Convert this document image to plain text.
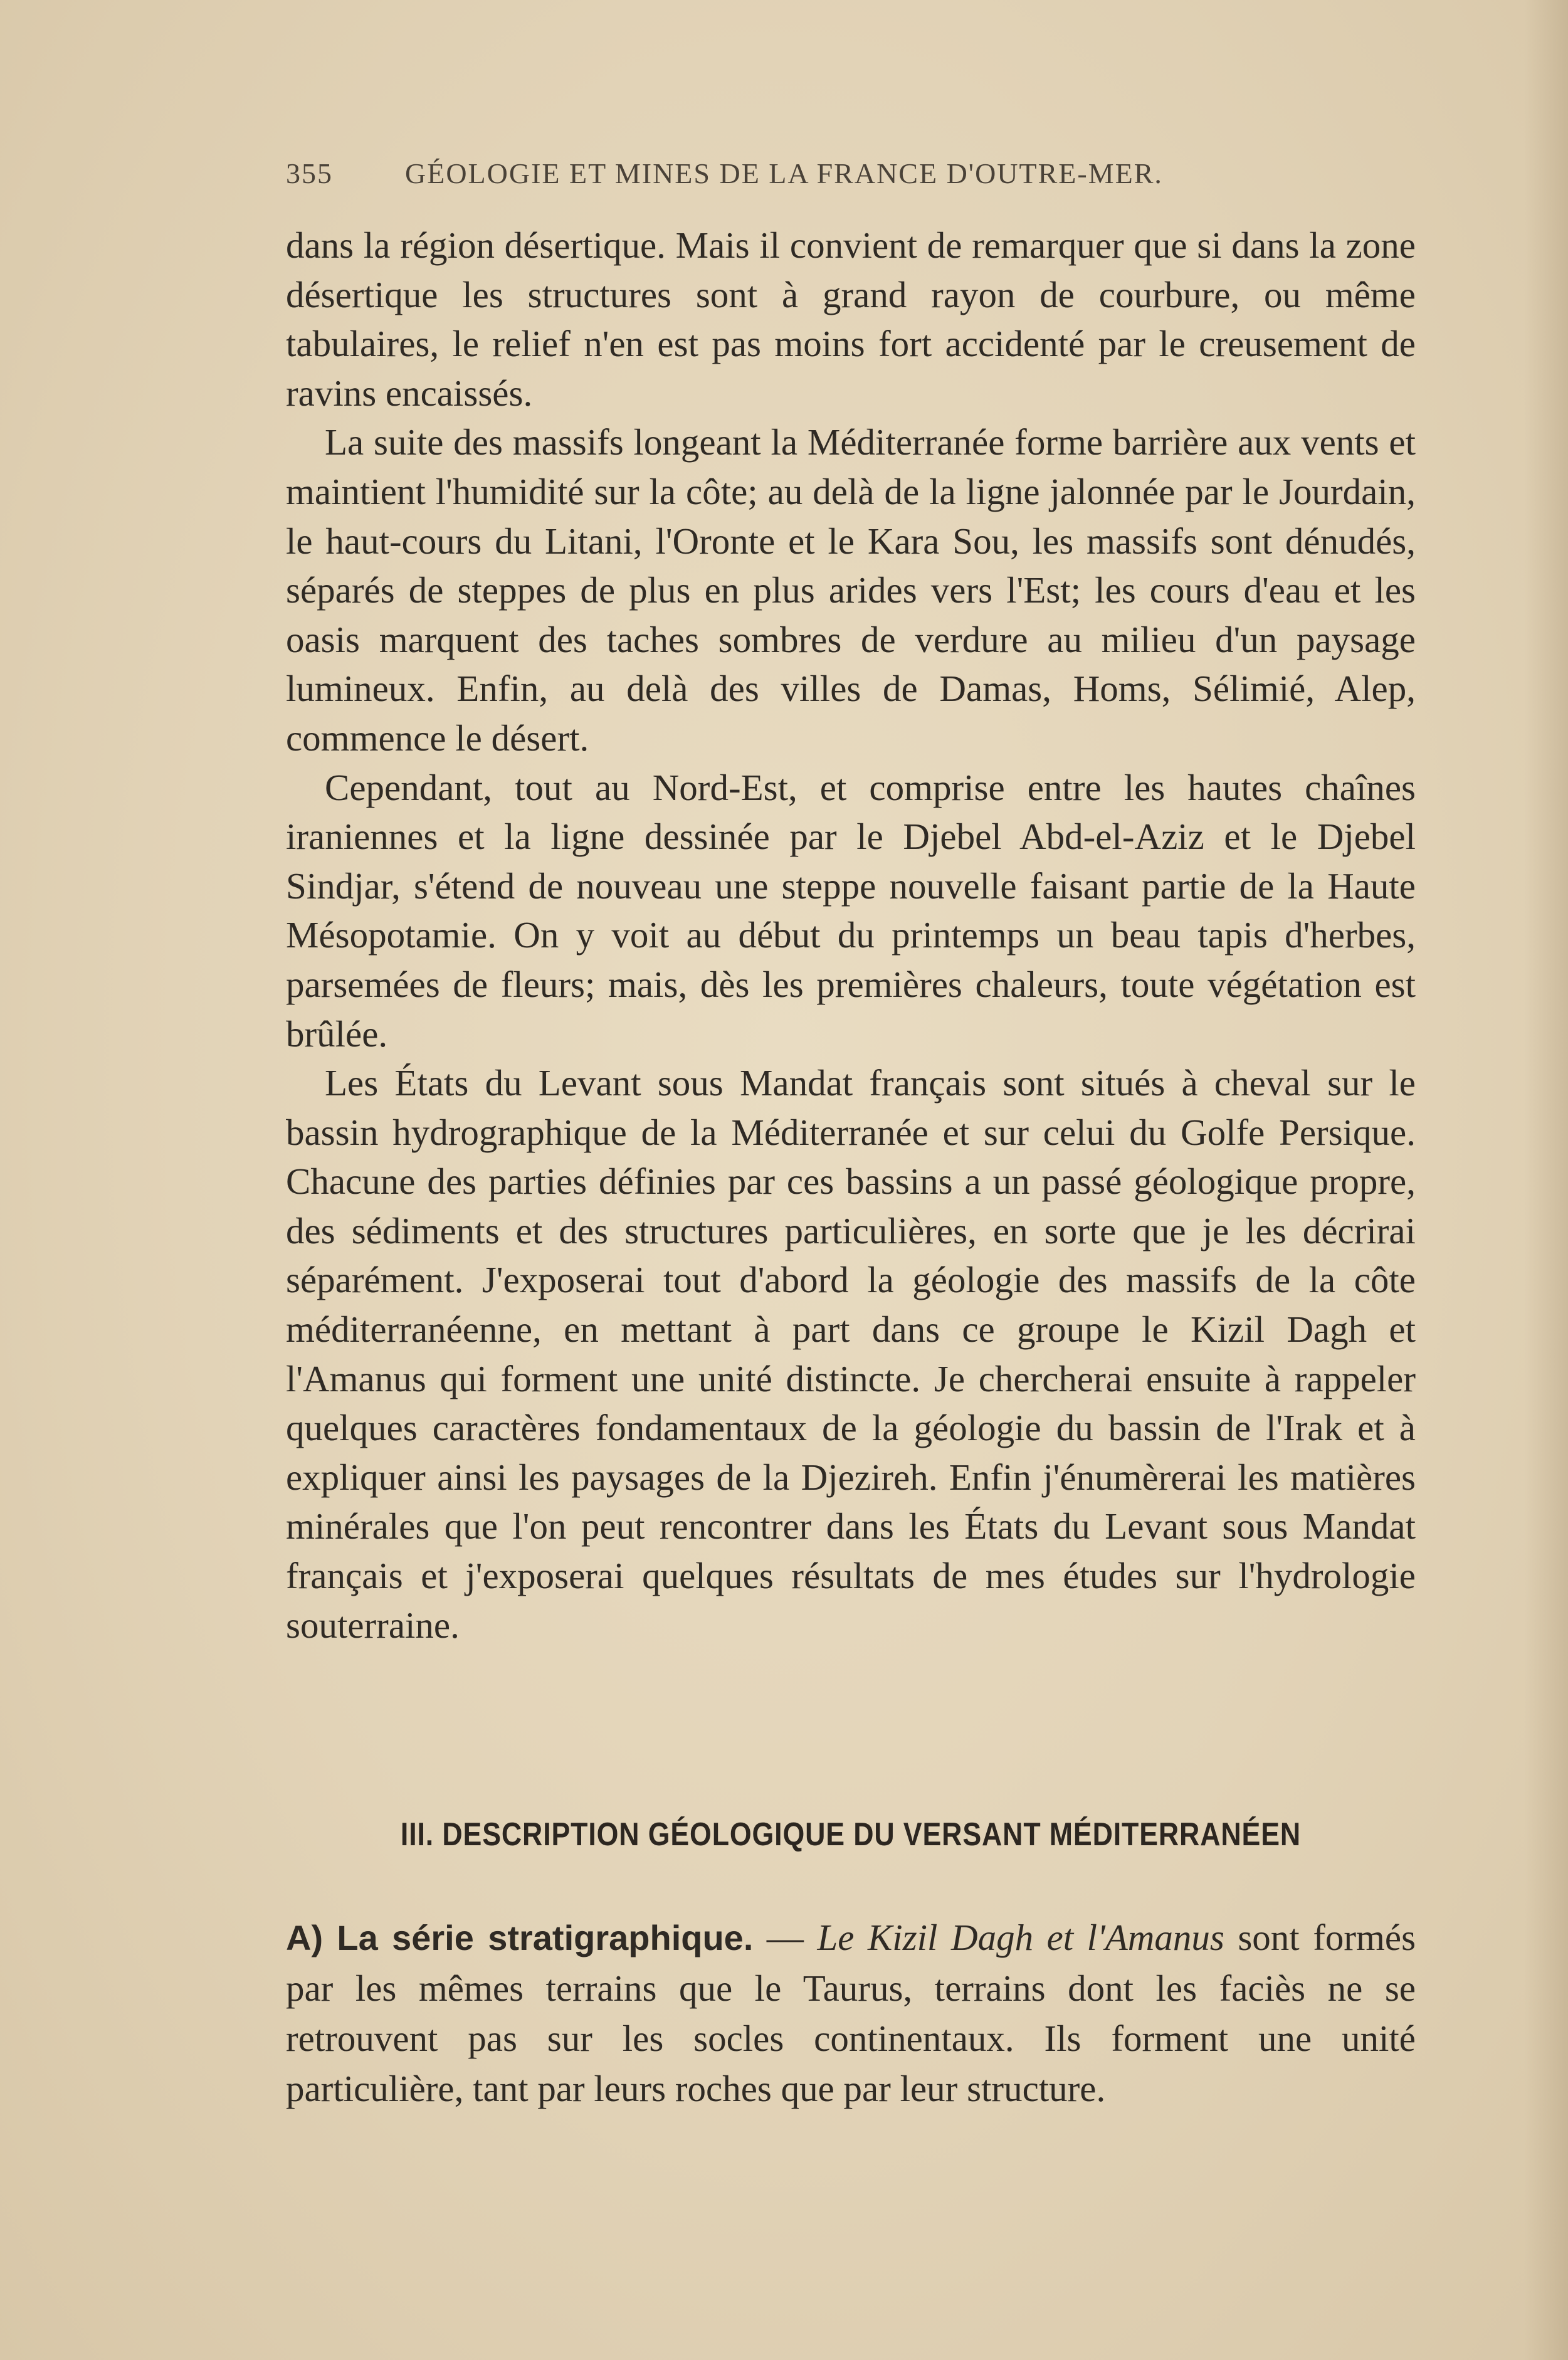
355	GÉOLOGIE ET MINES DE LA FRANCE D'OUTRE-MER.

dans la région désertique. Mais il convient de remarquer que si dans la zone désertique les structures sont à grand rayon de courbure, ou même tabulaires, le relief n'en est pas moins fort accidenté par le creusement de ravins encaissés.

La suite des massifs longeant la Méditerranée forme barrière aux vents et maintient l'humidité sur la côte; au delà de la ligne jalonnée par le Jourdain, le haut-cours du Litani, l'Oronte et le Kara Sou, les massifs sont dénudés, séparés de steppes de plus en plus arides vers l'Est; les cours d'eau et les oasis marquent des taches sombres de verdure au milieu d'un paysage lumineux. Enfin, au delà des villes de Damas, Homs, Sélimié, Alep, commence le désert.

Cependant, tout au Nord-Est, et comprise entre les hautes chaînes iraniennes et la ligne dessinée par le Djebel Abd-el-Aziz et le Djebel Sindjar, s'étend de nouveau une steppe nouvelle faisant partie de la Haute Mésopotamie. On y voit au début du printemps un beau tapis d'herbes, parsemées de fleurs; mais, dès les premières chaleurs, toute végétation est brûlée.

Les États du Levant sous Mandat français sont situés à cheval sur le bassin hydrographique de la Méditerranée et sur celui du Golfe Persique. Chacune des parties définies par ces bassins a un passé géologique propre, des sédiments et des structures particulières, en sorte que je les décrirai séparément. J'exposerai tout d'abord la géologie des massifs de la côte méditerranéenne, en mettant à part dans ce groupe le Kizil Dagh et l'Amanus qui forment une unité distincte. Je chercherai ensuite à rappeler quelques caractères fondamentaux de la géologie du bassin de l'Irak et à expliquer ainsi les paysages de la Djezireh. Enfin j'énumèrerai les matières minérales que l'on peut rencontrer dans les États du Levant sous Mandat français et j'exposerai quelques résultats de mes études sur l'hydrologie souterraine.

III. DESCRIPTION GÉOLOGIQUE DU VERSANT MÉDITERRANÉEN

A) La série stratigraphique. — Le Kizil Dagh et l'Amanus sont formés par les mêmes terrains que le Taurus, terrains dont les faciès ne se retrouvent pas sur les socles continentaux. Ils forment une unité particulière, tant par leurs roches que par leur structure.
